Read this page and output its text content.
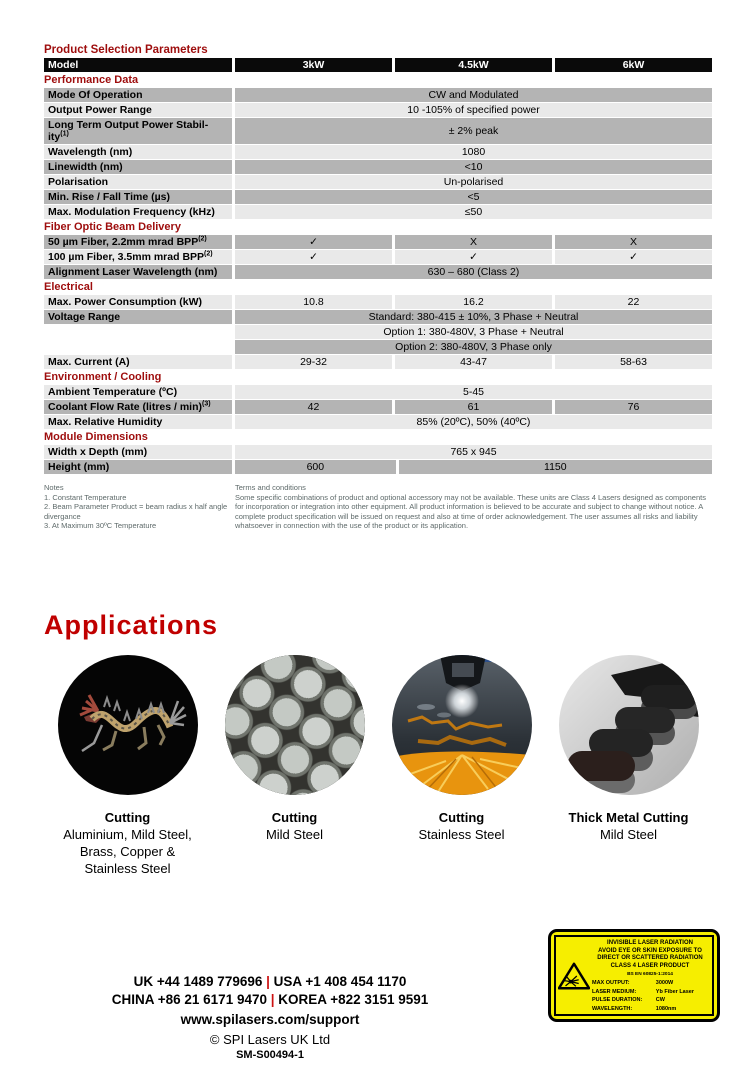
Product Selection Parameters
Model	3kW	4.5kW	6kW
Performance Data
Mode Of Operation	CW and Modulated
Output Power Range	10 -105% of specified power
Long Term Output Power Stabil-
ity$^{(1)}$	± 2% peak
Wavelength (nm)	1080
Linewidth (nm)	<10
Polarisation	Un-polarised
Min. Rise / Fall Time (µs)	<5
Max. Modulation Frequency (kHz)	≤50
Fiber Optic Beam Delivery
50 µm Fiber, 2.2mm mrad BPP$^{(2)}$	✓	X	X
100 µm Fiber, 3.5mm mrad BPP$^{(2)}$	✓	✓	✓
Alignment Laser Wavelength (nm)	630 – 680 (Class 2)
Electrical
Max. Power Consumption (kW)	10.8	16.2	22
Voltage Range	Standard: 380-415 ± 10%, 3 Phase + Neutral
Option 1: 380-480V, 3 Phase + Neutral
Option 2: 380-480V, 3 Phase only
Max. Current (A)	29-32	43-47	58-63
Environment / Cooling
Ambient Temperature (ºC)	5-45
Coolant Flow Rate (litres / min)$^{(3)}$	42	61	76
Max. Relative Humidity	85% (20ºC), 50% (40ºC)
Module Dimensions
Width x Depth (mm)	765 x 945
Height (mm)	600	1150
Notes
1. Constant Temperature
2. Beam Parameter Product = beam radius x half angle divergance
3. At Maximum 30ºC Temperature
Terms and conditions
Some specific combinations of product and optional accessory may not be available. These units are Class 4 Lasers designed as components for incorporation or integration into other equipment. All product information is believed to be accurate and subject to change without notice. A complete product specification will be issued on request and also at time of order acknowledgement. The user assumes all risks and liability whatsoever in connection with the use of the product or its application.
Applications
Cutting
Aluminium, Mild Steel,
Brass, Copper &
Stainless Steel
Cutting
Mild Steel
Cutting
Stainless Steel
Thick Metal Cutting
Mild Steel
UK +44 1489 779696 | USA +1 408 454 1170
CHINA +86 21 6171 9470 | KOREA +822 3151 9591
www.spilasers.com/support
© SPI Lasers UK Ltd
SM-S00494-1
INVISIBLE LASER RADIATION
AVOID EYE OR SKIN EXPOSURE TO
DIRECT OR SCATTERED RADIATION
CLASS 4 LASER PRODUCT
BS EN 60825-1:2014
MAX OUTPUT:	3000W
LASER MEDIUM:	Yb Fiber Laser
PULSE DURATION:	CW
WAVELENGTH:	1080nm
